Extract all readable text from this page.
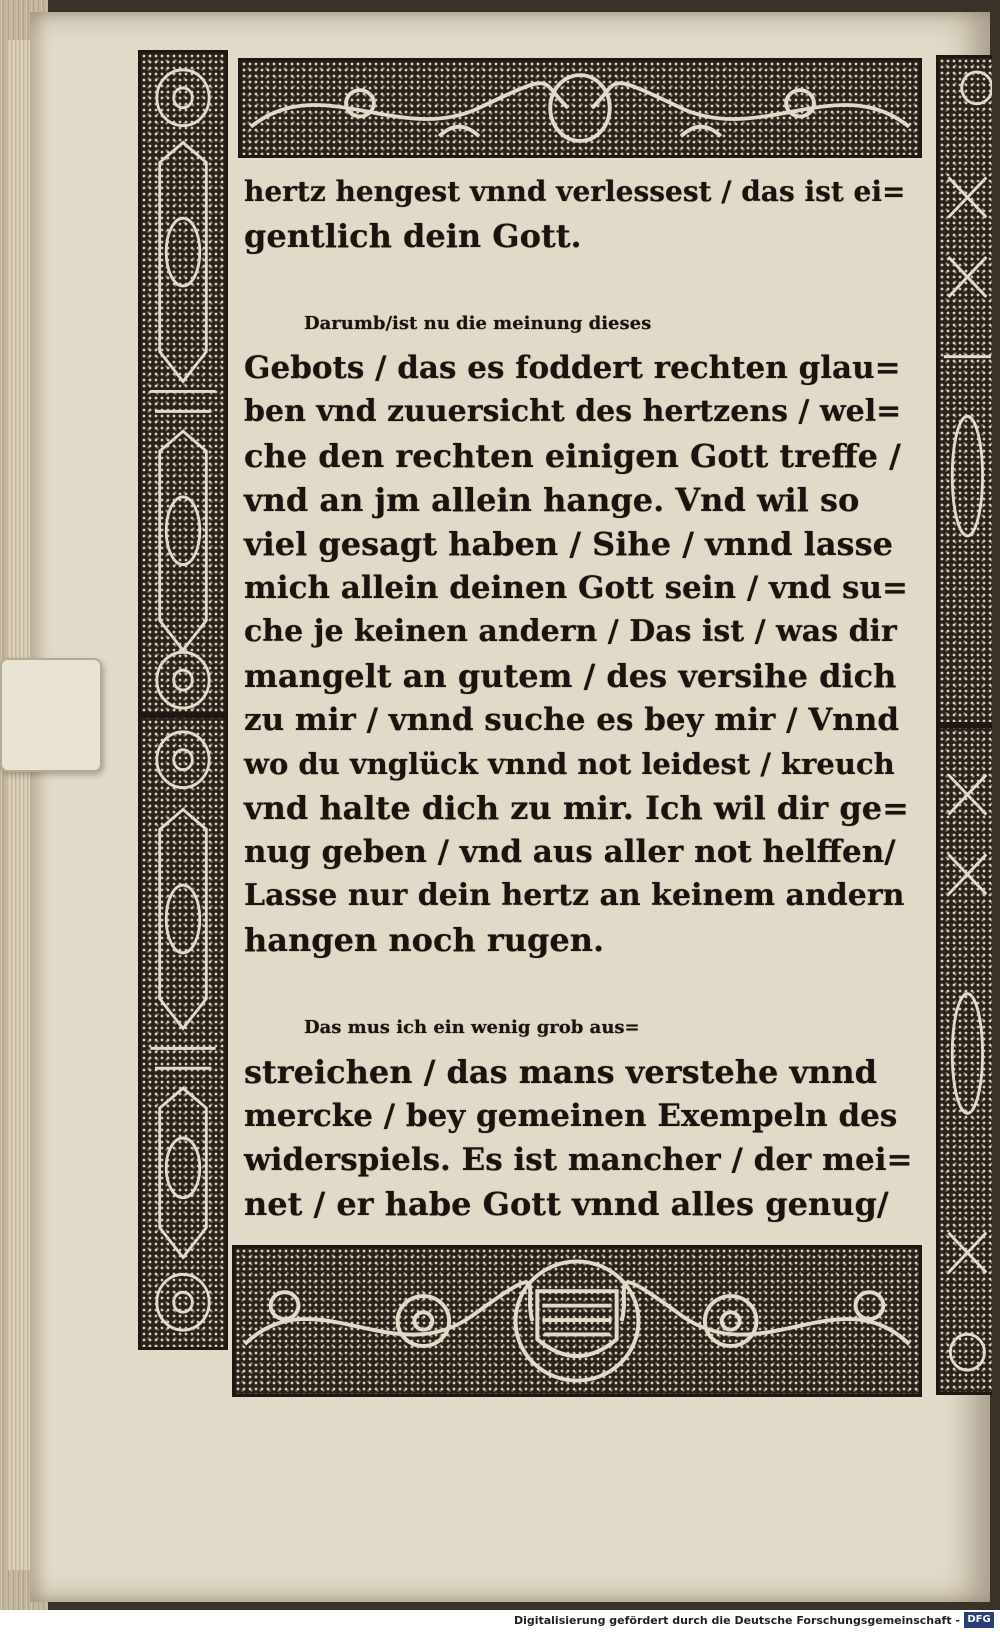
hertz hengest vnnd verlessest / das ist ei=
gentlich dein Gott.
Darumb/ist nu die meinung dieses
Gebots / das es foddert rechten glau=
ben vnd zuuersicht des hertzens / wel=
che den rechten einigen Gott treffe /
vnd an jm allein hange. Vnd wil so
viel gesagt haben / Sihe / vnnd lasse
mich allein deinen Gott sein / vnd su=
che je keinen andern / Das ist / was dir
mangelt an gutem / des versihe dich
zu mir / vnnd suche es bey mir / Vnnd
wo du vnglück vnnd not leidest / kreuch
vnd halte dich zu mir. Ich wil dir ge=
nug geben / vnd aus aller not helffen/
Lasse nur dein hertz an keinem andern
hangen noch rugen.
Das mus ich ein wenig grob aus=
streichen / das mans verstehe vnnd
mercke / bey gemeinen Exempeln des
widerspiels. Es ist mancher / der mei=
net / er habe Gott vnnd alles genug/
Digitalisierung gefördert durch die Deutsche Forschungsgemeinschaft - DFG
